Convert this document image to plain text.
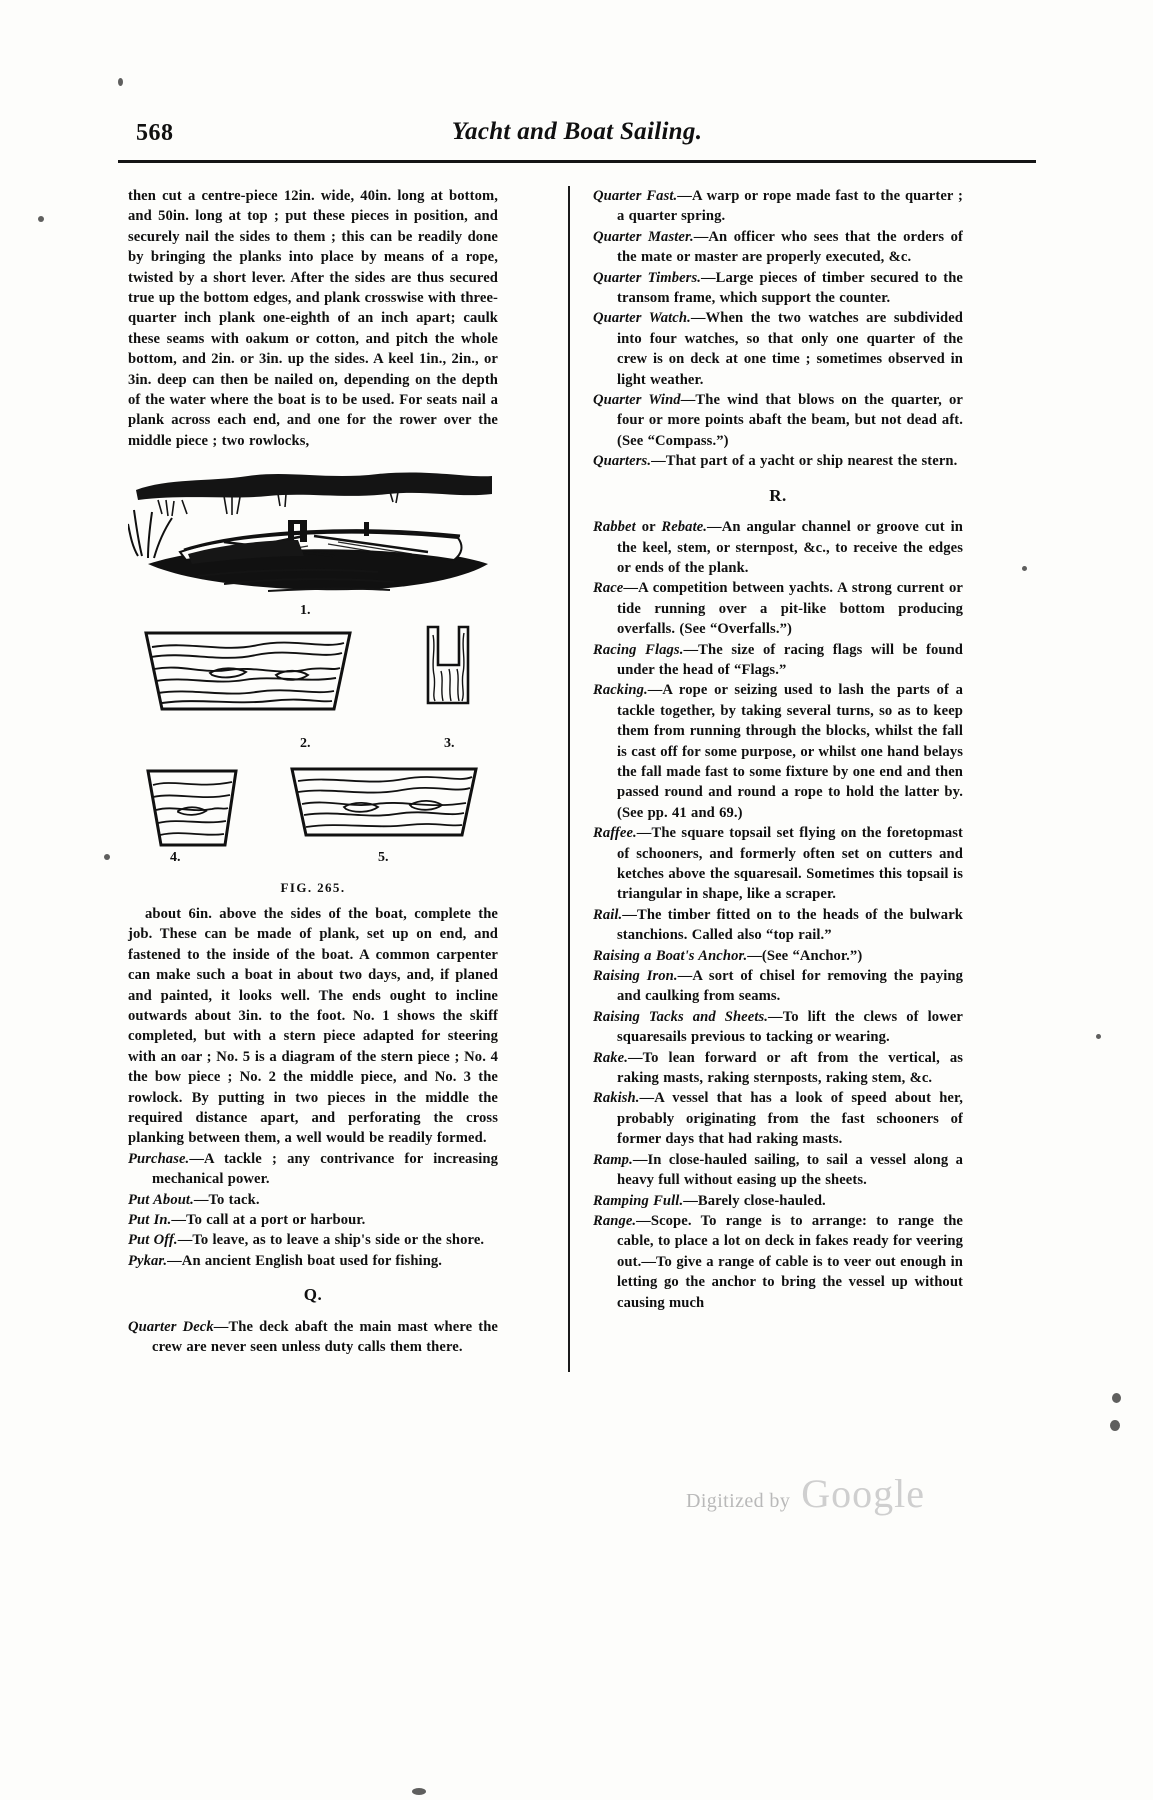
568	Yacht and Boat Sailing.

then cut a centre-piece 12in. wide, 40in. long at bottom, and 50in. long at top ; put these pieces in position, and securely nail the sides to them ; this can be readily done by bringing the planks into place by means of a rope, twisted by a short lever. After the sides are thus secured true up the bottom edges, and plank crosswise with three-quarter inch plank one-eighth of an inch apart; caulk these seams with oakum or cotton, and pitch the whole bottom, and 2in. or 3in. up the sides. A keel 1in., 2in., or 3in. deep can then be nailed on, depending on the depth of the water where the boat is to be used. For seats nail a plank across each end, and one for the rower over the middle piece ; two rowlocks,

1.

2.	3.
4.	5.
FIG. 265.

about 6in. above the sides of the boat, complete the job. These can be made of plank, set up on end, and fastened to the inside of the boat. A common carpenter can make such a boat in about two days, and, if planed and painted, it looks well. The ends ought to incline outwards about 3in. to the foot. No. 1 shows the skiff completed, but with a stern piece adapted for steering with an oar ; No. 5 is a diagram of the stern piece ; No. 4 the bow piece ; No. 2 the middle piece, and No. 3 the rowlock. By putting in two pieces in the middle the required distance apart, and perforating the cross planking between them, a well would be readily formed.

Purchase.—A tackle ; any contrivance for increasing mechanical power.

Put About.—To tack.

Put In.—To call at a port or harbour.

Put Off.—To leave, as to leave a ship's side or the shore.

Pykar.—An ancient English boat used for fishing.

Q.

Quarter Deck—The deck abaft the main mast where the crew are never seen unless duty calls them there.

Quarter Fast.—A warp or rope made fast to the quarter ; a quarter spring.

Quarter Master.—An officer who sees that the orders of the mate or master are properly executed, &c.

Quarter Timbers.—Large pieces of timber secured to the transom frame, which support the counter.

Quarter Watch.—When the two watches are subdivided into four watches, so that only one quarter of the crew is on deck at one time ; sometimes observed in light weather.

Quarter Wind—The wind that blows on the quarter, or four or more points abaft the beam, but not dead aft. (See “Compass.”)

Quarters.—That part of a yacht or ship nearest the stern.

R.

Rabbet or Rebate.—An angular channel or groove cut in the keel, stem, or sternpost, &c., to receive the edges or ends of the plank.

Race—A competition between yachts. A strong current or tide running over a pit-like bottom producing overfalls. (See “Overfalls.”)

Racing Flags.—The size of racing flags will be found under the head of “Flags.”

Racking.—A rope or seizing used to lash the parts of a tackle together, by taking several turns, so as to keep them from running through the blocks, whilst the fall is cast off for some purpose, or whilst one hand belays the fall made fast to some fixture by one end and then passed round and round a rope to hold the latter by. (See pp. 41 and 69.)

Raffee.—The square topsail set flying on the foretopmast of schooners, and formerly often set on cutters and ketches above the squaresail. Sometimes this topsail is triangular in shape, like a scraper.

Rail.—The timber fitted on to the heads of the bulwark stanchions. Called also “top rail.”

Raising a Boat's Anchor.—(See “Anchor.”)

Raising Iron.—A sort of chisel for removing the paying and caulking from seams.

Raising Tacks and Sheets.—To lift the clews of lower squaresails previous to tacking or wearing.

Rake.—To lean forward or aft from the vertical, as raking masts, raking sternposts, raking stem, &c.

Rakish.—A vessel that has a look of speed about her, probably originating from the fast schooners of former days that had raking masts.

Ramp.—In close-hauled sailing, to sail a vessel along a heavy full without easing up the sheets.

Ramping Full.—Barely close-hauled.

Range.—Scope. To range is to arrange: to range the cable, to place a lot on deck in fakes ready for veering out.—To give a range of cable is to veer out enough in letting go the anchor to bring the vessel up without causing much

Digitized by Google
